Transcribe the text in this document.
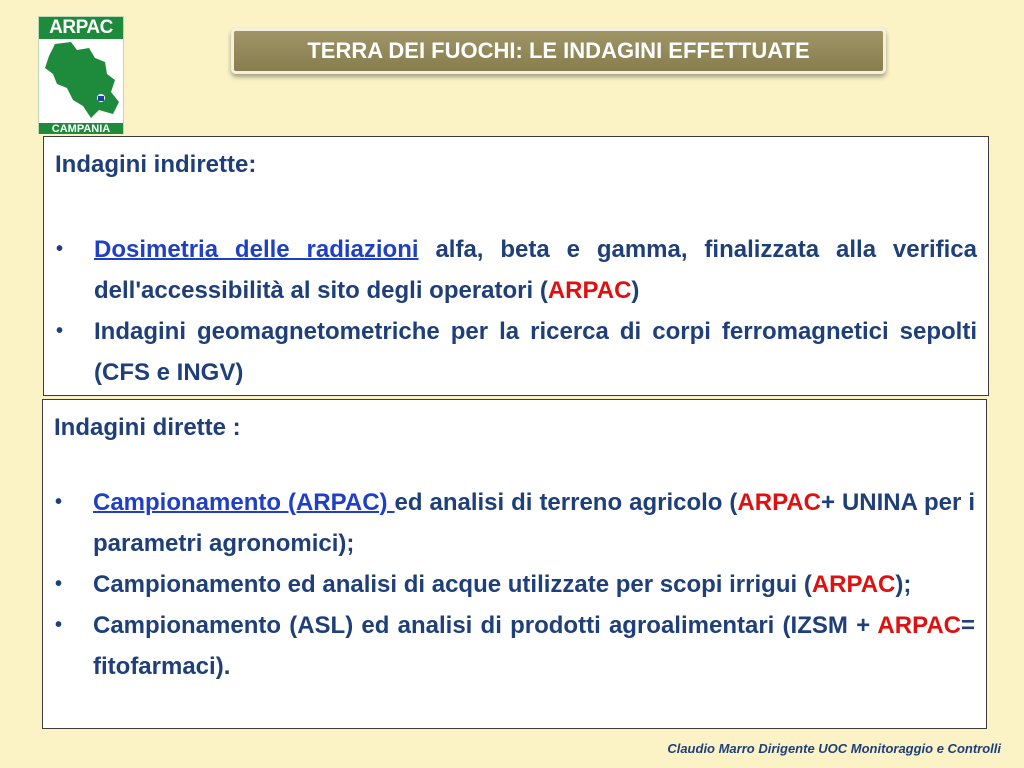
ARPAC
CAMPANIA
TERRA DEI FUOCHI: LE INDAGINI EFFETTUATE
Indagini indirette:
• Dosimetria delle radiazioni alfa, beta e gamma, finalizzata alla verifica dell'accessibilità al sito degli operatori (ARPAC)
• Indagini geomagnetometriche per la ricerca di corpi ferromagnetici sepolti (CFS e INGV)
Indagini dirette :
• Campionamento (ARPAC) ed analisi di terreno agricolo (ARPAC+ UNINA per i parametri agronomici);
• Campionamento ed analisi di acque utilizzate per scopi irrigui (ARPAC);
• Campionamento (ASL) ed analisi di prodotti agroalimentari (IZSM + ARPAC= fitofarmaci).
Claudio Marro Dirigente UOC Monitoraggio e Controlli
